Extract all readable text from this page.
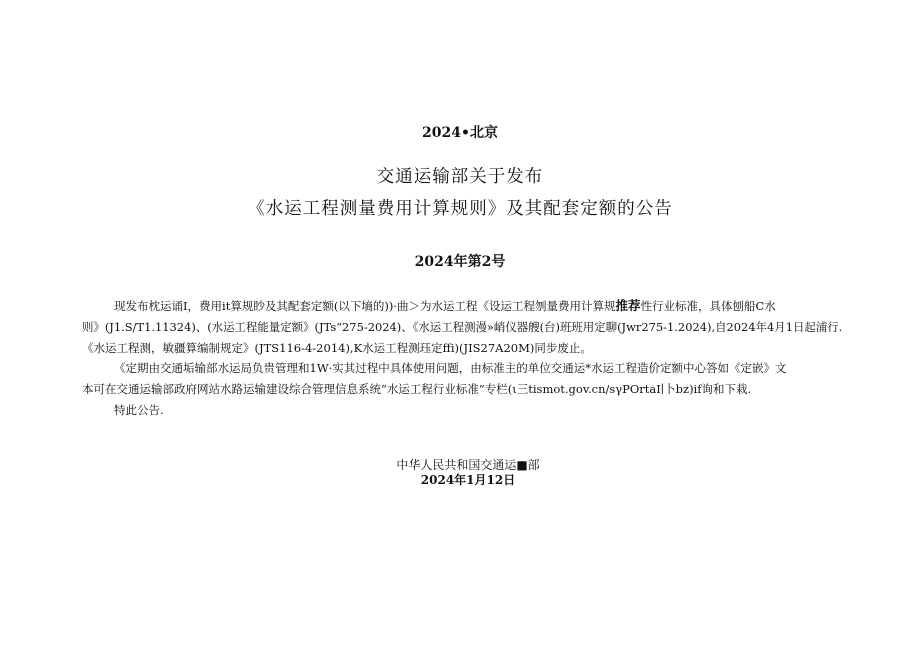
2024•北京
交通运输部关于发布
《水运工程测量费用计算规则》及其配套定额的公告
2024年第2号
现发布枕运诵I，费用it算规眇及其配套定额(以下墒的))·曲＞为水运工程《设运工程刎量费用计算规推荐性行业标准，具体刨船C水
则》(J1.S/T1.11324)、(水运工程能量定额》(JTs“275-2024)、《水运工程测漫»峭仪器艘(台)班班用定聊(Jwr275-1.2024),自2024年4月1日起浦行.
《水运工程测，敏疆算编制规定》(JTS116-4-2014),K水运工程测珏定ffi)(JIS27A20M)同步废止。
《定期由交通垢输部水运局负贵管理和1W·实其过程中具体使用问题，由标准主的单位交通运*水运工程造价定额中心答如《定嵌》文
本可在交通运输部政府网站水路运输建设综合管理信息系统“水运工程行业标准”专栏(ι三tismot.gov.cn/sγPOrtaI∣卜bz)if询和下栽.
特此公告.
中华人民共和国交通运■部
2024年1月12日
